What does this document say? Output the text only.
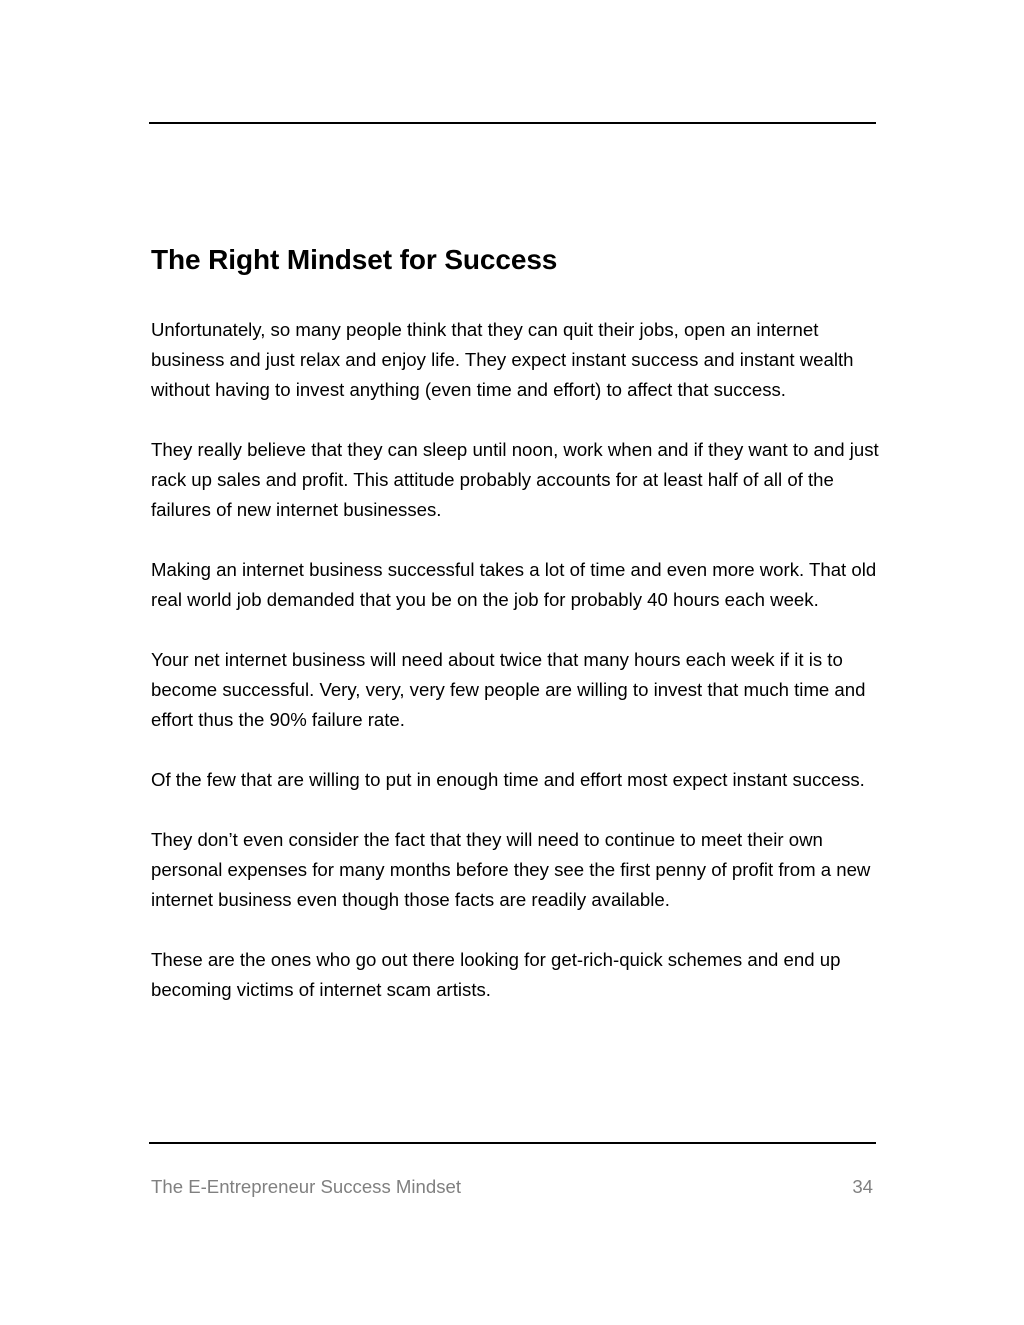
The Right Mindset for Success

Unfortunately, so many people think that they can quit their jobs, open an internet business and just relax and enjoy life. They expect instant success and instant wealth without having to invest anything (even time and effort) to affect that success.

They really believe that they can sleep until noon, work when and if they want to and just rack up sales and profit. This attitude probably accounts for at least half of all of the failures of new internet businesses.

Making an internet business successful takes a lot of time and even more work. That old real world job demanded that you be on the job for probably 40 hours each week.

Your net internet business will need about twice that many hours each week if it is to become successful. Very, very, very few people are willing to invest that much time and effort thus the 90% failure rate.

Of the few that are willing to put in enough time and effort most expect instant success.

They don’t even consider the fact that they will need to continue to meet their own personal expenses for many months before they see the first penny of profit from a new internet business even though those facts are readily available.

These are the ones who go out there looking for get-rich-quick schemes and end up becoming victims of internet scam artists.

The E-Entrepreneur Success Mindset	34
